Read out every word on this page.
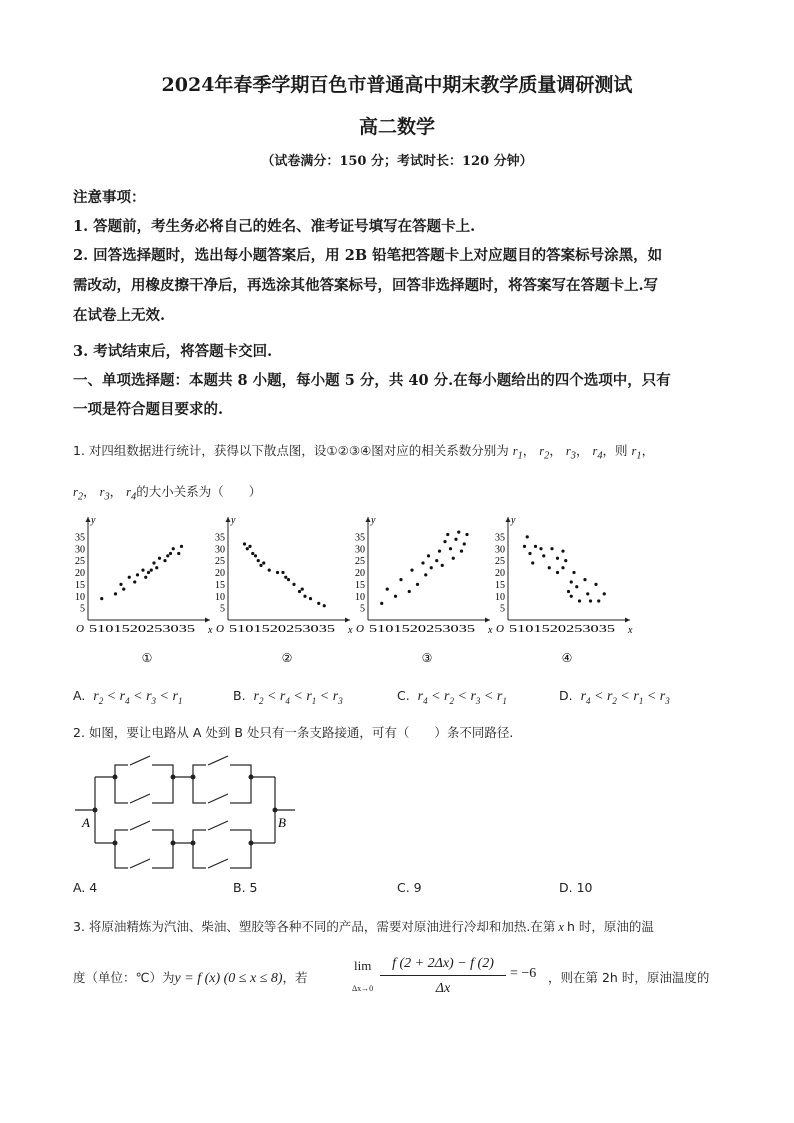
2024年春季学期百色市普通高中期末教学质量调研测试
高二数学
（试卷满分：150 分；考试时长：120 分钟）
注意事项：
1. 答题前，考生务必将自己的姓名、准考证号填写在答题卡上.
2. 回答选择题时，选出每小题答案后，用 2B 铅笔把答题卡上对应题目的答案标号涂黑，如
需改动，用橡皮擦干净后，再选涂其他答案标号，回答非选择题时，将答案写在答题卡上.写
在试卷上无效.
3. 考试结束后，将答题卡交回.
一、单项选择题：本题共 8 小题，每小题 5 分，共 40 分.在每小题给出的四个选项中，只有
一项是符合题目要求的.
1. 对四组数据进行统计，获得以下散点图，设①②③④图对应的相关系数分别为 $r_1$， $r_2$， $r_3$， $r_4$，则 $r_1$，
$r_2$， $r_3$， $r_4$的大小关系为（　　）
y
x
O
35
30
25
20
15
10
5
5101520253035
①
y
x
O
35
30
25
20
15
10
5
5101520253035
②
y
x
O
35
30
25
20
15
10
5
5101520253035
③
y
x
O
35
30
25
20
15
10
5
5101520253035
④
A. $r_2 < r_4 < r_3 < r_1$	B. $r_2 < r_4 < r_1 < r_3$	C. $r_4 < r_2 < r_3 < r_1$	D. $r_4 < r_2 < r_1 < r_3$
2. 如图，要让电路从 A 处到 B 处只有一条支路接通，可有（　　）条不同路径.
A	B
A. 4	B. 5	C. 9	D. 10
3. 将原油精炼为汽油、柴油、塑胶等各种不同的产品，需要对原油进行冷却和加热.在第 x h 时，原油的温
度（单位：℃）为y = f (x) (0 ≤ x ≤ 8)，若
lim
Δx→0
f (2 + 2Δx) − f (2)
Δx
= −6 ，则在第 2h 时，原油温度的
